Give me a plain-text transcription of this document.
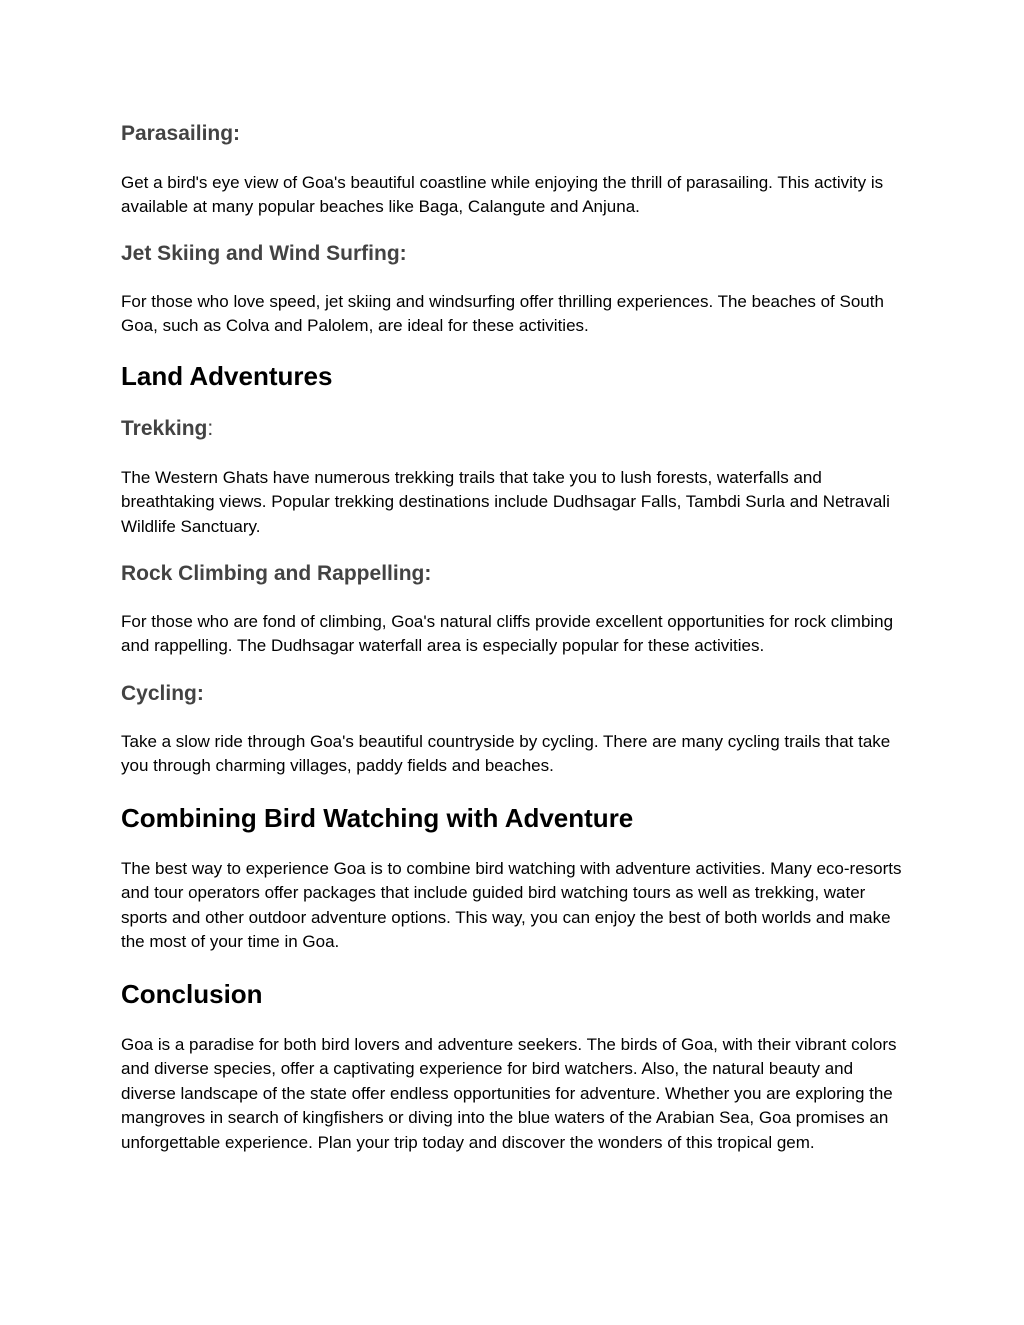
Parasailing:

Get a bird's eye view of Goa's beautiful coastline while enjoying the thrill of parasailing. This activity is available at many popular beaches like Baga, Calangute and Anjuna.

Jet Skiing and Wind Surfing:

For those who love speed, jet skiing and windsurfing offer thrilling experiences. The beaches of South Goa, such as Colva and Palolem, are ideal for these activities.

Land Adventures
Trekking:

The Western Ghats have numerous trekking trails that take you to lush forests, waterfalls and breathtaking views. Popular trekking destinations include Dudhsagar Falls, Tambdi Surla and Netravali Wildlife Sanctuary.

Rock Climbing and Rappelling:

For those who are fond of climbing, Goa's natural cliffs provide excellent opportunities for rock climbing and rappelling. The Dudhsagar waterfall area is especially popular for these activities.

Cycling:

Take a slow ride through Goa's beautiful countryside by cycling. There are many cycling trails that take you through charming villages, paddy fields and beaches.

Combining Bird Watching with Adventure

The best way to experience Goa is to combine bird watching with adventure activities. Many eco-resorts and tour operators offer packages that include guided bird watching tours as well as trekking, water sports and other outdoor adventure options. This way, you can enjoy the best of both worlds and make the most of your time in Goa.

Conclusion

Goa is a paradise for both bird lovers and adventure seekers. The birds of Goa, with their vibrant colors and diverse species, offer a captivating experience for bird watchers. Also, the natural beauty and diverse landscape of the state offer endless opportunities for adventure. Whether you are exploring the mangroves in search of kingfishers or diving into the blue waters of the Arabian Sea, Goa promises an unforgettable experience. Plan your trip today and discover the wonders of this tropical gem.
